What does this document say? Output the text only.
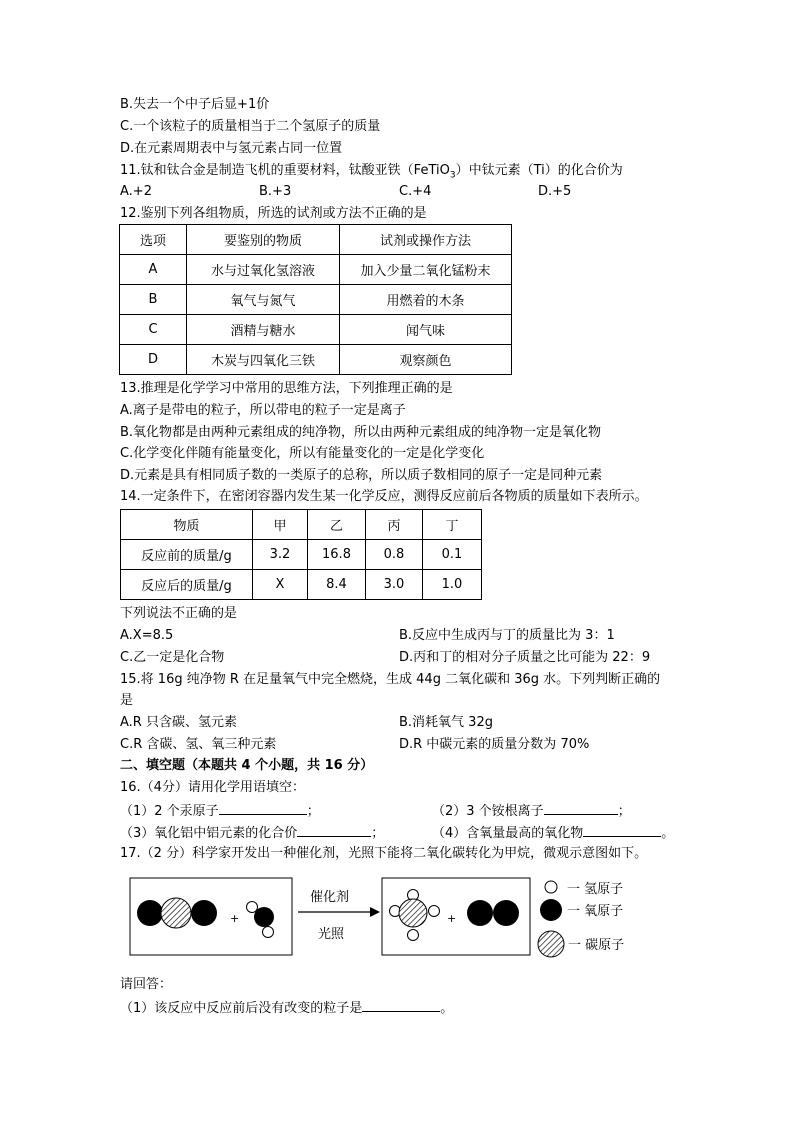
B.失去一个中子后显+1价
C.一个该粒子的质量相当于二个氢原子的质量
D.在元素周期表中与氢元素占同一位置
11.钛和钛合金是制造飞机的重要材料，钛酸亚铁（FeTiO$_3$）中钛元素（Ti）的化合价为
A.+2	B.+3	C.+4	D.+5
12.鉴别下列各组物质，所选的试剂或方法不正确的是
选项	要鉴别的物质	试剂或操作方法
A	水与过氧化氢溶液	加入少量二氧化锰粉末
B	氧气与氮气	用燃着的木条
C	酒精与糖水	闻气味
D	木炭与四氧化三铁	观察颜色
13.推理是化学学习中常用的思维方法，下列推理正确的是
A.离子是带电的粒子，所以带电的粒子一定是离子
B.氧化物都是由两种元素组成的纯净物，所以由两种元素组成的纯净物一定是氧化物
C.化学变化伴随有能量变化，所以有能量变化的一定是化学变化
D.元素是具有相同质子数的一类原子的总称，所以质子数相同的原子一定是同种元素
14.一定条件下，在密闭容器内发生某一化学反应，测得反应前后各物质的质量如下表所示。
物质	甲	乙	丙	丁
反应前的质量/g	3.2	16.8	0.8	0.1
反应后的质量/g	X	8.4	3.0	1.0
下列说法不正确的是
A.X=8.5	B.反应中生成丙与丁的质量比为 3：1
C.乙一定是化合物	D.丙和丁的相对分子质量之比可能为 22：9
15.将 16g 纯净物 R 在足量氧气中完全燃烧，生成 44g 二氧化碳和 36g 水。下列判断正确的
是
A.R 只含碳、氢元素	B.消耗氧气 32g
C.R 含碳、氢、氧三种元素	D.R 中碳元素的质量分数为 70%
二、填空题（本题共 4 个小题，共 16 分）
16.（4分）请用化学用语填空：
（1）2 个汞原子	；	（2）3 个铵根离子	；
（3）氧化铝中铝元素的化合价	；	（4）含氧量最高的氧化物	。
17.（2 分）科学家开发出一种催化剂，光照下能将二氧化碳转化为甲烷，微观示意图如下。
+
催化剂
光照
+
一 氢原子
一 氧原子
一 碳原子
请回答：
（1）该反应中反应前后没有改变的粒子是	。
